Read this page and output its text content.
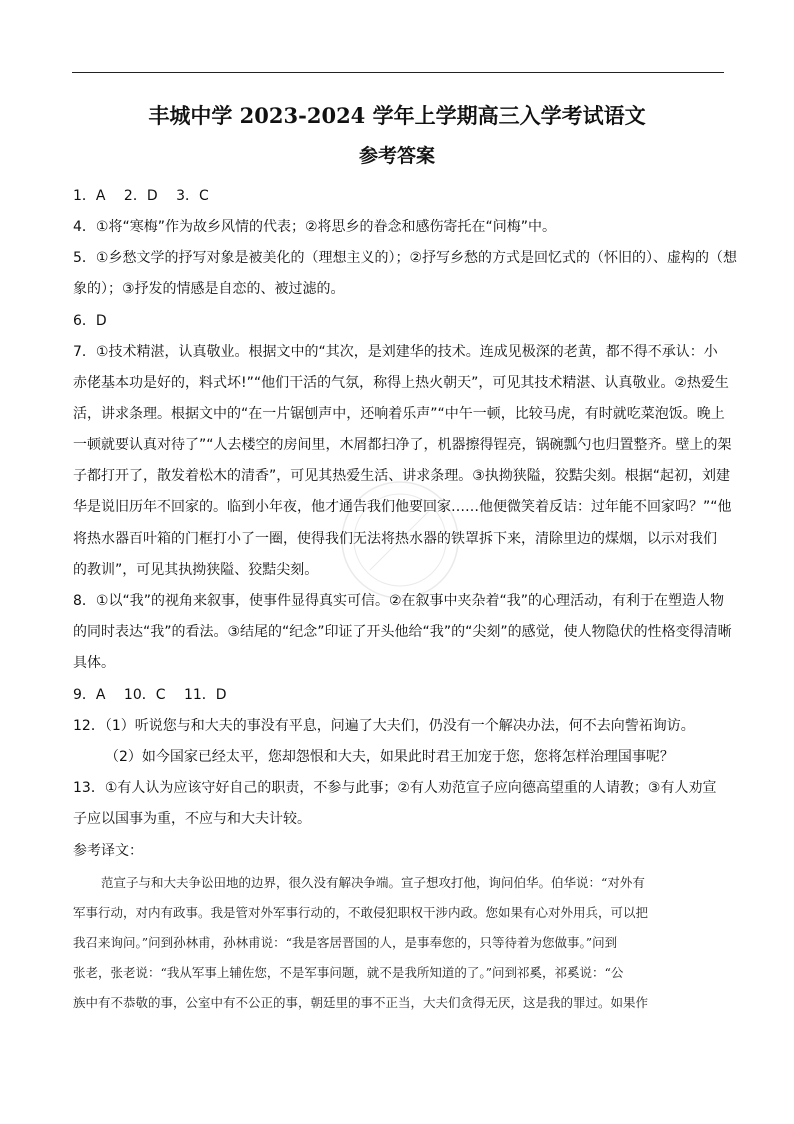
丰城中学 2023-2024 学年上学期高三入学考试语文
参考答案
1．A　 2．D　 3．C
4．①将“寒梅”作为故乡风情的代表；②将思乡的眷念和感伤寄托在“问梅”中。
5．①乡愁文学的抒写对象是被美化的（理想主义的）；②抒写乡愁的方式是回忆式的（怀旧的）、虚构的（想
象的）；③抒发的情感是自恋的、被过滤的。
6．D
7．①技术精湛，认真敬业。根据文中的“其次，是刘建华的技术。连成见极深的老黄，都不得不承认：小
赤佬基本功是好的，料式坏!”“他们干活的气氛，称得上热火朝天”，可见其技术精湛、认真敬业。②热爱生
活，讲求条理。根据文中的“在一片锯刨声中，还响着乐声”“中午一顿，比较马虎，有时就吃菜泡饭。晚上
一顿就要认真对待了”“人去楼空的房间里，木屑都扫净了，机器擦得锃亮，锅碗瓢勺也归置整齐。壁上的架
子都打开了，散发着松木的清香”，可见其热爱生活、讲求条理。③执拗狭隘，狡黠尖刻。根据“起初，刘建
华是说旧历年不回家的。临到小年夜，他才通告我们他要回家……他便微笑着反诘：过年能不回家吗？”“他
将热水器百叶箱的门框打小了一圈，使得我们无法将热水器的铁罩拆下来，清除里边的煤烟，以示对我们
的教训”，可见其执拗狭隘、狡黠尖刻。
8．①以“我”的视角来叙事，使事件显得真实可信。②在叙事中夹杂着“我”的心理活动，有利于在塑造人物
的同时表达“我”的看法。③结尾的“纪念”印证了开头他给“我”的“尖刻”的感觉，使人物隐伏的性格变得清晰
具体。
9．A　 10．C　 11．D
12．（1）听说您与和大夫的事没有平息，问遍了大夫们，仍没有一个解决办法，何不去向訾祏询访。
（2）如今国家已经太平，您却怨恨和大夫，如果此时君王加宠于您，您将怎样治理国事呢？
13．①有人认为应该守好自己的职责，不参与此事；②有人劝范宣子应向德高望重的人请教；③有人劝宣
子应以国事为重，不应与和大夫计较。
参考译文：
范宣子与和大夫争讼田地的边界，很久没有解决争端。宣子想攻打他，询问伯华。伯华说：“对外有
军事行动，对内有政事。我是管对外军事行动的，不敢侵犯职权干涉内政。您如果有心对外用兵，可以把
我召来询问。”问到孙林甫，孙林甫说：“我是客居晋国的人，是事奉您的，只等待着为您做事。”问到
张老，张老说：“我从军事上辅佐您，不是军事问题，就不是我所知道的了。”问到祁奚，祁奚说：“公
族中有不恭敬的事，公室中有不公正的事，朝廷里的事不正当，大夫们贪得无厌，这是我的罪过。如果作
